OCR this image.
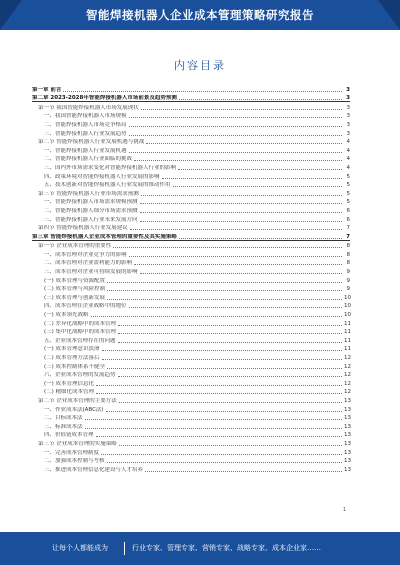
智能焊接机器人企业成本管理策略研究报告
内容目录
第一章 前言	3
第二章 2023-2028年智能焊接机器人市场前景及趋势预测	3
第一节 我国智能焊接机器人市场发展现状	3
一、我国智能焊接机器人市场规模	3
二、智能焊接机器人市场竞争格局	3
三、智能焊接机器人行业发展趋势	3
第二节 智能焊接机器人行业发展机遇与挑战	4
一、智能焊接机器人行业发展机遇	4
二、智能焊接机器人行业面临的挑战	4
三、国内外市场需求变化对智能焊接机器人行业的影响	4
四、政策环境对智能焊接机器人行业发展的影响	5
五、技术创新对智能焊接机器人行业发展的推动作用	5
第三节 智能焊接机器人行业市场需求预测	5
一、智能焊接机器人市场需求规模预测	5
二、智能焊接机器人细分市场需求预测	6
三、智能焊接机器人行业未来发展方向	6
第四节 智能焊接机器人行业发展建议	7
第三章 智能焊接机器人企业成本管理的重要性及其实施策略	7
第一节 企业成本管理的重要性	8
一、成本管理对企业竞争力的影响	8
二、成本管理对企业盈利能力的影响	8
三、成本管理对企业可持续发展的影响	9
(一) 成本管理与资源配置	9
(二) 成本管理与风险控制	9
(三) 成本管理与创新发展	10
四、成本管理在企业战略中的地位	10
(一) 成本领先战略	10
(二) 差异化战略中的成本管理	11
(三) 集中化战略中的成本管理	11
五、企业成本管理存在的问题	11
(一) 成本管理意识淡薄	11
(二) 成本管理方法落后	12
(三) 成本控制体系不健全	12
六、企业成本管理的发展趋势	12
(一) 成本管理信息化	12
(二) 精细化成本管理	12
第二节 企业成本管理的主要方法	13
一、作业成本法(ABC法)	13
二、目标成本法	13
三、标准成本法	13
四、价值链成本管理	13
第三节 企业成本管理的实施策略	13
一、完善成本管理制度	13
二、加强成本控制与考核	13
三、推进成本管理信息化建设与人才培养	13
1
让每个人都能成为	行业专家、管理专家、营销专家、战略专家、成本企业家……
